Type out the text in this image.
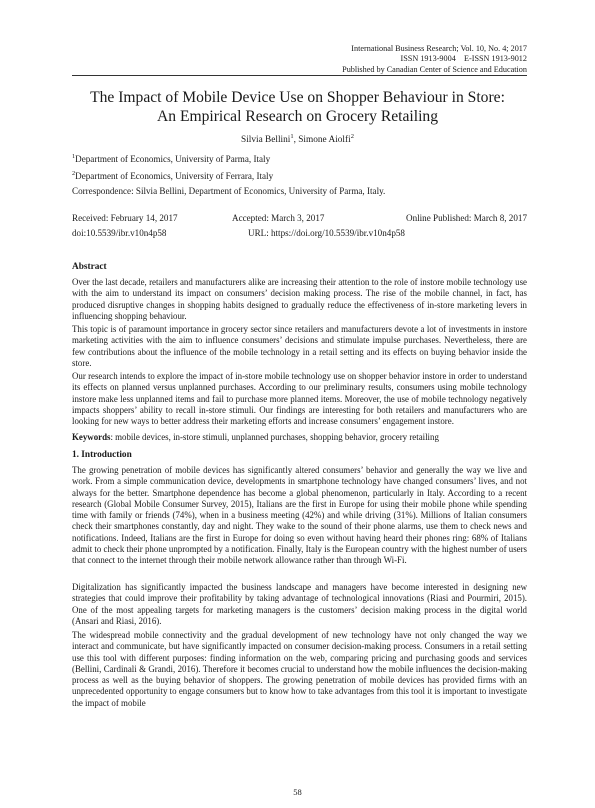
International Business Research; Vol. 10, No. 4; 2017
ISSN 1913-9004    E-ISSN 1913-9012
Published by Canadian Center of Science and Education
The Impact of Mobile Device Use on Shopper Behaviour in Store:
An Empirical Research on Grocery Retailing
Silvia Bellini$^1$, Simone Aiolfi$^2$
$^1$Department of Economics, University of Parma, Italy
$^2$Department of Economics, University of Ferrara, Italy
Correspondence: Silvia Bellini, Department of Economics, University of Parma, Italy.
Received: February 14, 2017	Accepted: March 3, 2017	Online Published: March 8, 2017
doi:10.5539/ibr.v10n4p58	URL: https://doi.org/10.5539/ibr.v10n4p58
Abstract

Over the last decade, retailers and manufacturers alike are increasing their attention to the role of instore mobile technology use with the aim to understand its impact on consumers’ decision making process. The rise of the mobile channel, in fact, has produced disruptive changes in shopping habits designed to gradually reduce the effectiveness of in-store marketing levers in influencing shopping behaviour.

This topic is of paramount importance in grocery sector since retailers and manufacturers devote a lot of investments in instore marketing activities with the aim to influence consumers’ decisions and stimulate impulse purchases. Nevertheless, there are few contributions about the influence of the mobile technology in a retail setting and its effects on buying behavior inside the store.

Our research intends to explore the impact of in-store mobile technology use on shopper behavior instore in order to understand its effects on planned versus unplanned purchases. According to our preliminary results, consumers using mobile technology instore make less unplanned items and fail to purchase more planned items. Moreover, the use of mobile technology negatively impacts shoppers’ ability to recall in-store stimuli. Our findings are interesting for both retailers and manufacturers who are looking for new ways to better address their marketing efforts and increase consumers’ engagement instore.

Keywords: mobile devices, in-store stimuli, unplanned purchases, shopping behavior, grocery retailing
1. Introduction

The growing penetration of mobile devices has significantly altered consumers’ behavior and generally the way we live and work. From a simple communication device, developments in smartphone technology have changed consumers’ lives, and not always for the better. Smartphone dependence has become a global phenomenon, particularly in Italy. According to a recent research (Global Mobile Consumer Survey, 2015), Italians are the first in Europe for using their mobile phone while spending time with family or friends (74%), when in a business meeting (42%) and while driving (31%). Millions of Italian consumers check their smartphones constantly, day and night. They wake to the sound of their phone alarms, use them to check news and notifications. Indeed, Italians are the first in Europe for doing so even without having heard their phones ring: 68% of Italians admit to check their phone unprompted by a notification. Finally, Italy is the European country with the highest number of users that connect to the internet through their mobile network allowance rather than through Wi-Fi.

Digitalization has significantly impacted the business landscape and managers have become interested in designing new strategies that could improve their profitability by taking advantage of technological innovations (Riasi and Pourmiri, 2015). One of the most appealing targets for marketing managers is the customers’ decision making process in the digital world (Ansari and Riasi, 2016).

The widespread mobile connectivity and the gradual development of new technology have not only changed the way we interact and communicate, but have significantly impacted on consumer decision-making process. Consumers in a retail setting use this tool with different purposes: finding information on the web, comparing pricing and purchasing goods and services (Bellini, Cardinali & Grandi, 2016). Therefore it becomes crucial to understand how the mobile influences the decision-making process as well as the buying behavior of shoppers. The growing penetration of mobile devices has provided firms with an unprecedented opportunity to engage consumers but to know how to take advantages from this tool it is important to investigate the impact of mobile

58
